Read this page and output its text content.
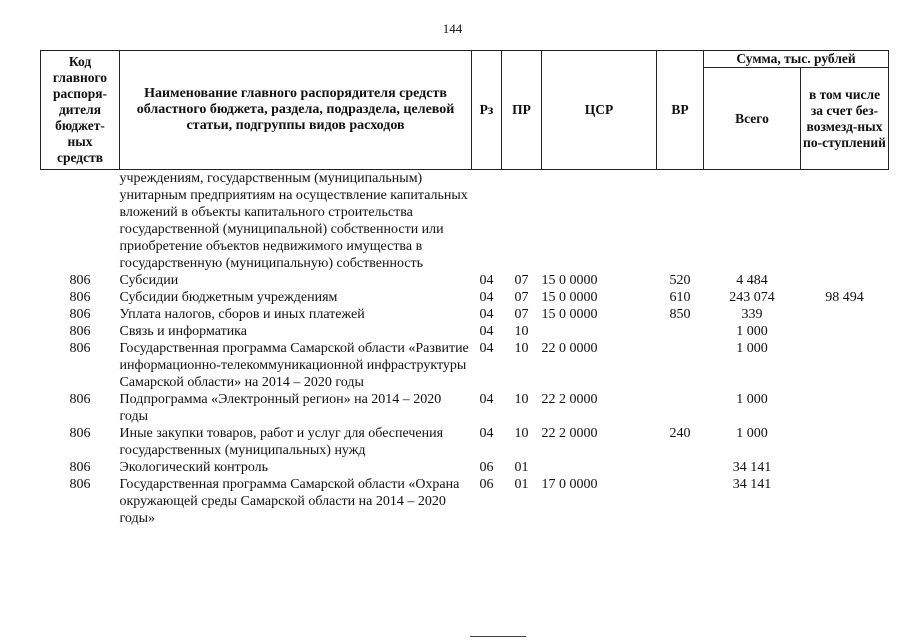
144
Код главного распоря-дителя бюджет-ных средств	Наименование главного распорядителя средств областного бюджета, раздела, подраздела, целевой статьи, подгруппы видов расходов	Рз	ПР	ЦСР	ВР	Сумма, тыс. рублей	
						Всего	в том числе за счет без-возмезд-ных по-ступлений
	учреждениям, государственным (муниципальным) унитарным предприятиям на осуществление капитальных вложений в объекты капитального строительства государственной (муниципальной) собственности или приобретение объектов недвижимого имущества в государственную (муниципальную) собственность						
806	Субсидии	04	07	15 0 0000	520	4 484	
806	Субсидии бюджетным учреждениям	04	07	15 0 0000	610	243 074	98 494
806	Уплата налогов, сборов и иных платежей	04	07	15 0 0000	850	339	
806	Связь и информатика	04	10			1 000	
806	Государственная программа Самарской области «Развитие информационно-телекоммуникационной инфраструктуры Самарской области» на 2014 – 2020 годы	04	10	22 0 0000		1 000	
806	Подпрограмма «Электронный регион» на 2014 – 2020 годы	04	10	22 2 0000		1 000	
806	Иные закупки товаров, работ и услуг для обеспечения государственных (муниципальных) нужд	04	10	22 2 0000	240	1 000	
806	Экологический контроль	06	01			34 141	
806	Государственная программа Самарской области «Охрана окружающей среды Самарской области на 2014 – 2020 годы»	06	01	17 0 0000		34 141	
